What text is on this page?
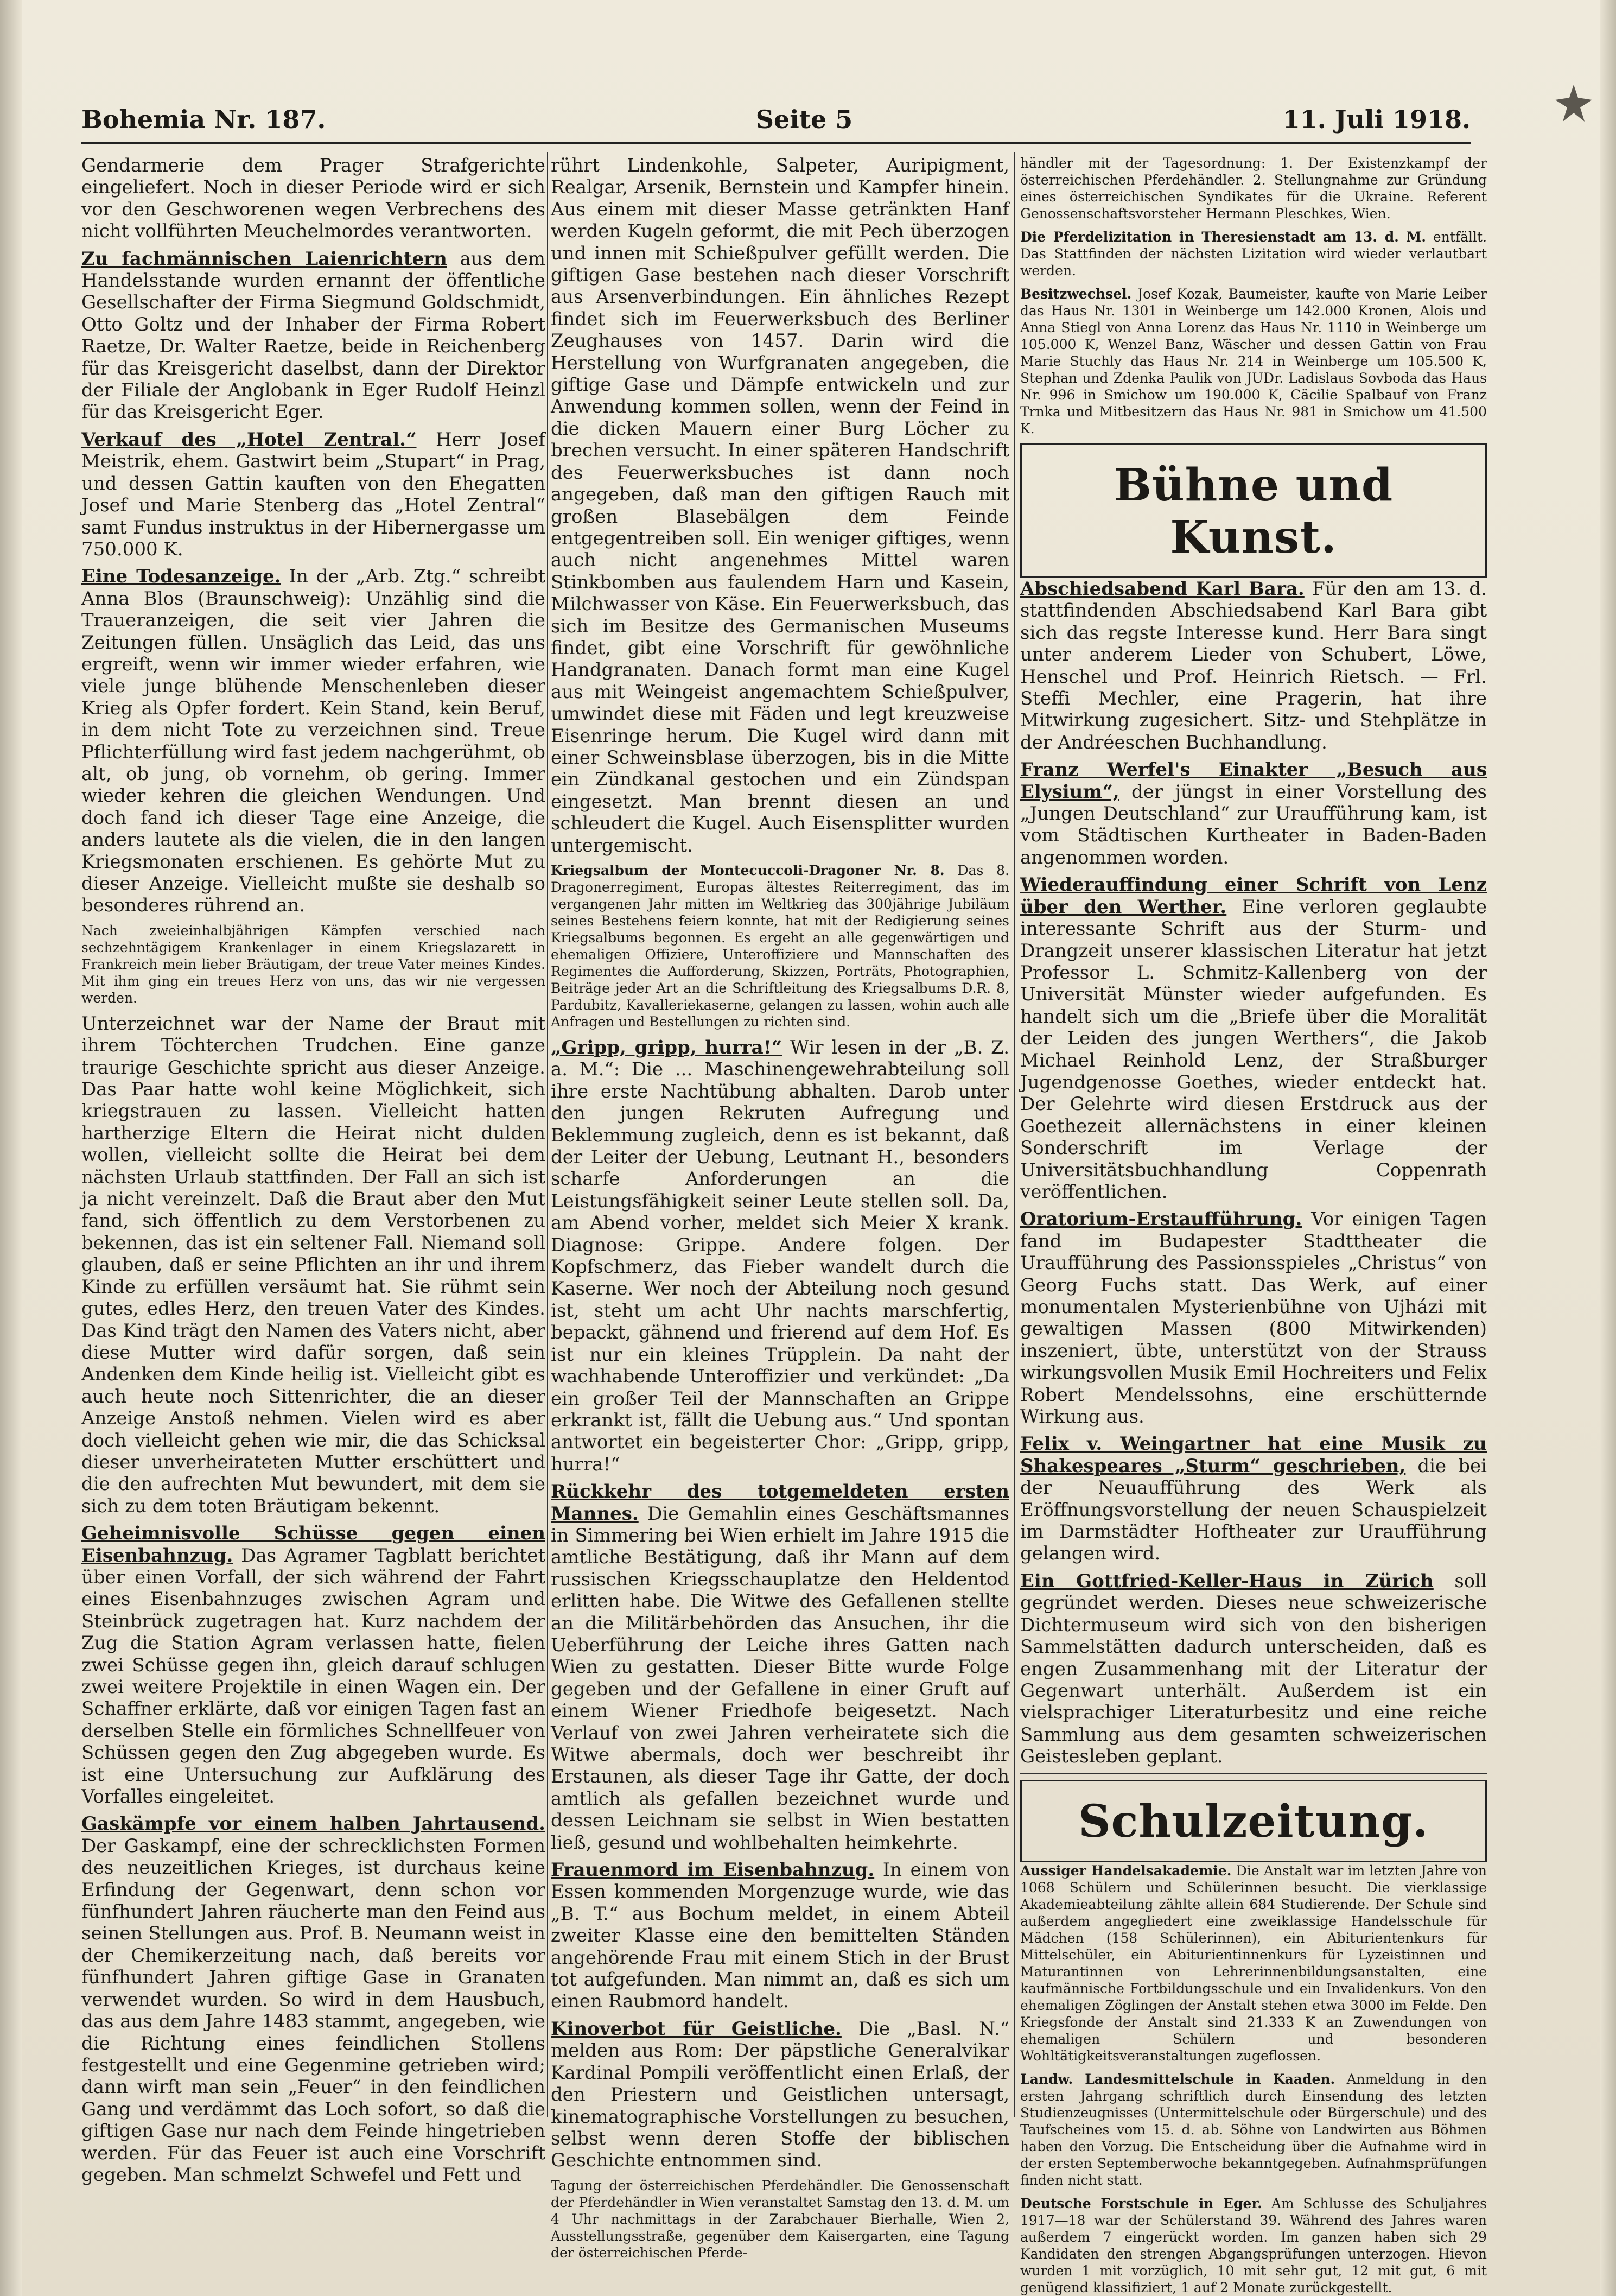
Bohemia Nr. 187.	Seite 5	11. Juli 1918.

Gendarmerie dem Prager Strafgerichte eingeliefert. Noch in dieser Periode wird er sich vor den Geschworenen wegen Verbrechens des nicht vollführten Meuchelmordes verantworten.

Zu fachmännischen Laienrichtern aus dem Handelsstande wurden ernannt der öffentliche Gesellschafter der Firma Siegmund Goldschmidt, Otto Goltz und der Inhaber der Firma Robert Raetze, Dr. Walter Raetze, beide in Reichenberg für das Kreisgericht daselbst, dann der Direktor der Filiale der Anglobank in Eger Rudolf Heinzl für das Kreisgericht Eger.

Verkauf des „Hotel Zentral.“ Herr Josef Meistrik, ehem. Gastwirt beim „Stupart“ in Prag, und dessen Gattin kauften von den Ehegatten Josef und Marie Stenberg das „Hotel Zentral“ samt Fundus instruktus in der Hibernergasse um 750.000 K.

Eine Todesanzeige. In der „Arb. Ztg.“ schreibt Anna Blos (Braunschweig): Unzählig sind die Traueranzeigen, die seit vier Jahren die Zeitungen füllen. Unsäglich das Leid, das uns ergreift, wenn wir immer wieder erfahren, wie viele junge blühende Menschenleben dieser Krieg als Opfer fordert. Kein Stand, kein Beruf, in dem nicht Tote zu verzeichnen sind. Treue Pflichterfüllung wird fast jedem nachgerühmt, ob alt, ob jung, ob vornehm, ob gering. Immer wieder kehren die gleichen Wendungen. Und doch fand ich dieser Tage eine Anzeige, die anders lautete als die vielen, die in den langen Kriegsmonaten erschienen. Es gehörte Mut zu dieser Anzeige. Vielleicht mußte sie deshalb so besonderes rührend an.

Nach zweieinhalbjährigen Kämpfen verschied nach sechzehntägigem Krankenlager in einem Kriegslazarett in Frankreich mein lieber Bräutigam, der treue Vater meines Kindes. Mit ihm ging ein treues Herz von uns, das wir nie vergessen werden.

Unterzeichnet war der Name der Braut mit ihrem Töchterchen Trudchen. Eine ganze traurige Geschichte spricht aus dieser Anzeige. Das Paar hatte wohl keine Möglichkeit, sich kriegstrauen zu lassen. Vielleicht hatten hartherzige Eltern die Heirat nicht dulden wollen, vielleicht sollte die Heirat bei dem nächsten Urlaub stattfinden. Der Fall an sich ist ja nicht vereinzelt. Daß die Braut aber den Mut fand, sich öffentlich zu dem Verstorbenen zu bekennen, das ist ein seltener Fall. Niemand soll glauben, daß er seine Pflichten an ihr und ihrem Kinde zu erfüllen versäumt hat. Sie rühmt sein gutes, edles Herz, den treuen Vater des Kindes. Das Kind trägt den Namen des Vaters nicht, aber diese Mutter wird dafür sorgen, daß sein Andenken dem Kinde heilig ist. Vielleicht gibt es auch heute noch Sittenrichter, die an dieser Anzeige Anstoß nehmen. Vielen wird es aber doch vielleicht gehen wie mir, die das Schicksal dieser unverheirateten Mutter erschüttert und die den aufrechten Mut bewundert, mit dem sie sich zu dem toten Bräutigam bekennt.

Geheimnisvolle Schüsse gegen einen Eisenbahnzug. Das Agramer Tagblatt berichtet über einen Vorfall, der sich während der Fahrt eines Eisenbahnzuges zwischen Agram und Steinbrück zugetragen hat. Kurz nachdem der Zug die Station Agram verlassen hatte, fielen zwei Schüsse gegen ihn, gleich darauf schlugen zwei weitere Projektile in einen Wagen ein. Der Schaffner erklärte, daß vor einigen Tagen fast an derselben Stelle ein förmliches Schnellfeuer von Schüssen gegen den Zug abgegeben wurde. Es ist eine Untersuchung zur Aufklärung des Vorfalles eingeleitet.

Gaskämpfe vor einem halben Jahrtausend. Der Gaskampf, eine der schrecklichsten Formen des neuzeitlichen Krieges, ist durchaus keine Erfindung der Gegenwart, denn schon vor fünfhundert Jahren räucherte man den Feind aus seinen Stellungen aus. Prof. B. Neumann weist in der Chemikerzeitung nach, daß bereits vor fünfhundert Jahren giftige Gase in Granaten verwendet wurden. So wird in dem Hausbuch, das aus dem Jahre 1483 stammt, angegeben, wie die Richtung eines feindlichen Stollens festgestellt und eine Gegenmine getrieben wird; dann wirft man sein „Feuer“ in den feindlichen Gang und verdämmt das Loch sofort, so daß die giftigen Gase nur nach dem Feinde hingetrieben werden. Für das Feuer ist auch eine Vorschrift gegeben. Man schmelzt Schwefel und Fett und

rührt Lindenkohle, Salpeter, Auripigment, Realgar, Arsenik, Bernstein und Kampfer hinein. Aus einem mit dieser Masse getränkten Hanf werden Kugeln geformt, die mit Pech überzogen und innen mit Schießpulver gefüllt werden. Die giftigen Gase bestehen nach dieser Vorschrift aus Arsenverbindungen. Ein ähnliches Rezept findet sich im Feuerwerksbuch des Berliner Zeughauses von 1457. Darin wird die Herstellung von Wurfgranaten angegeben, die giftige Gase und Dämpfe entwickeln und zur Anwendung kommen sollen, wenn der Feind in die dicken Mauern einer Burg Löcher zu brechen versucht. In einer späteren Handschrift des Feuerwerksbuches ist dann noch angegeben, daß man den giftigen Rauch mit großen Blasebälgen dem Feinde entgegentreiben soll. Ein weniger giftiges, wenn auch nicht angenehmes Mittel waren Stinkbomben aus faulendem Harn und Kasein, Milchwasser von Käse. Ein Feuerwerksbuch, das sich im Besitze des Germanischen Museums findet, gibt eine Vorschrift für gewöhnliche Handgranaten. Danach formt man eine Kugel aus mit Weingeist angemachtem Schießpulver, umwindet diese mit Fäden und legt kreuzweise Eisenringe herum. Die Kugel wird dann mit einer Schweinsblase überzogen, bis in die Mitte ein Zündkanal gestochen und ein Zündspan eingesetzt. Man brennt diesen an und schleudert die Kugel. Auch Eisensplitter wurden untergemischt.

Kriegsalbum der Montecuccoli-Dragoner Nr. 8. Das 8. Dragonerregiment, Europas ältestes Reiterregiment, das im vergangenen Jahr mitten im Weltkrieg das 300jährige Jubiläum seines Bestehens feiern konnte, hat mit der Redigierung seines Kriegsalbums begonnen. Es ergeht an alle gegenwärtigen und ehemaligen Offiziere, Unteroffiziere und Mannschaften des Regimentes die Aufforderung, Skizzen, Porträts, Photographien, Beiträge jeder Art an die Schriftleitung des Kriegsalbums D.R. 8, Pardubitz, Kavalleriekaserne, gelangen zu lassen, wohin auch alle Anfragen und Bestellungen zu richten sind.

„Gripp, gripp, hurra!“ Wir lesen in der „B. Z. a. M.“: Die ... Maschinengewehrabteilung soll ihre erste Nachtübung abhalten. Darob unter den jungen Rekruten Aufregung und Beklemmung zugleich, denn es ist bekannt, daß der Leiter der Uebung, Leutnant H., besonders scharfe Anforderungen an die Leistungsfähigkeit seiner Leute stellen soll. Da, am Abend vorher, meldet sich Meier X krank. Diagnose: Grippe. Andere folgen. Der Kopfschmerz, das Fieber wandelt durch die Kaserne. Wer noch der Abteilung noch gesund ist, steht um acht Uhr nachts marschfertig, bepackt, gähnend und frierend auf dem Hof. Es ist nur ein kleines Trüpplein. Da naht der wachhabende Unteroffizier und verkündet: „Da ein großer Teil der Mannschaften an Grippe erkrankt ist, fällt die Uebung aus.“ Und spontan antwortet ein begeisterter Chor: „Gripp, gripp, hurra!“

Rückkehr des totgemeldeten ersten Mannes. Die Gemahlin eines Geschäftsmannes in Simmering bei Wien erhielt im Jahre 1915 die amtliche Bestätigung, daß ihr Mann auf dem russischen Kriegsschauplatze den Heldentod erlitten habe. Die Witwe des Gefallenen stellte an die Militärbehörden das Ansuchen, ihr die Ueberführung der Leiche ihres Gatten nach Wien zu gestatten. Dieser Bitte wurde Folge gegeben und der Gefallene in einer Gruft auf einem Wiener Friedhofe beigesetzt. Nach Verlauf von zwei Jahren verheiratete sich die Witwe abermals, doch wer beschreibt ihr Erstaunen, als dieser Tage ihr Gatte, der doch amtlich als gefallen bezeichnet wurde und dessen Leichnam sie selbst in Wien bestatten ließ, gesund und wohlbehalten heimkehrte.

Frauenmord im Eisenbahnzug. In einem von Essen kommenden Morgenzuge wurde, wie das „B. T.“ aus Bochum meldet, in einem Abteil zweiter Klasse eine den bemittelten Ständen angehörende Frau mit einem Stich in der Brust tot aufgefunden. Man nimmt an, daß es sich um einen Raubmord handelt.

Kinoverbot für Geistliche. Die „Basl. N.“ melden aus Rom: Der päpstliche Generalvikar Kardinal Pompili veröffentlicht einen Erlaß, der den Priestern und Geistlichen untersagt, kinematographische Vorstellungen zu besuchen, selbst wenn deren Stoffe der biblischen Geschichte entnommen sind.

Tagung der österreichischen Pferdehändler. Die Genossenschaft der Pferdehändler in Wien veranstaltet Samstag den 13. d. M. um 4 Uhr nachmittags in der Zarabchauer Bierhalle, Wien 2, Ausstellungsstraße, gegenüber dem Kaisergarten, eine Tagung der österreichischen Pferde-

händler mit der Tagesordnung: 1. Der Existenzkampf der österreichischen Pferdehändler. 2. Stellungnahme zur Gründung eines österreichischen Syndikates für die Ukraine. Referent Genossenschaftsvorsteher Hermann Pleschkes, Wien.

Die Pferdelizitation in Theresienstadt am 13. d. M. entfällt. Das Stattfinden der nächsten Lizitation wird wieder verlautbart werden.

Besitzwechsel. Josef Kozak, Baumeister, kaufte von Marie Leiber das Haus Nr. 1301 in Weinberge um 142.000 Kronen, Alois und Anna Stiegl von Anna Lorenz das Haus Nr. 1110 in Weinberge um 105.000 K, Wenzel Banz, Wäscher und dessen Gattin von Frau Marie Stuchly das Haus Nr. 214 in Weinberge um 105.500 K, Stephan und Zdenka Paulik von JUDr. Ladislaus Sovboda das Haus Nr. 996 in Smichow um 190.000 K, Cäcilie Spalbauf von Franz Trnka und Mitbesitzern das Haus Nr. 981 in Smichow um 41.500 K.

Bühne und Kunst.

Abschiedsabend Karl Bara. Für den am 13. d. stattfindenden Abschiedsabend Karl Bara gibt sich das regste Interesse kund. Herr Bara singt unter anderem Lieder von Schubert, Löwe, Henschel und Prof. Heinrich Rietsch. — Frl. Steffi Mechler, eine Pragerin, hat ihre Mitwirkung zugesichert. Sitz- und Stehplätze in der Andréeschen Buchhandlung.

Franz Werfel's Einakter „Besuch aus Elysium“, der jüngst in einer Vorstellung des „Jungen Deutschland“ zur Uraufführung kam, ist vom Städtischen Kurtheater in Baden-Baden angenommen worden.

Wiederauffindung einer Schrift von Lenz über den Werther. Eine verloren geglaubte interessante Schrift aus der Sturm- und Drangzeit unserer klassischen Literatur hat jetzt Professor L. Schmitz-Kallenberg von der Universität Münster wieder aufgefunden. Es handelt sich um die „Briefe über die Moralität der Leiden des jungen Werthers“, die Jakob Michael Reinhold Lenz, der Straßburger Jugendgenosse Goethes, wieder entdeckt hat. Der Gelehrte wird diesen Erstdruck aus der Goethezeit allernächstens in einer kleinen Sonderschrift im Verlage der Universitätsbuchhandlung Coppenrath veröffentlichen.

Oratorium-Erstaufführung. Vor einigen Tagen fand im Budapester Stadttheater die Uraufführung des Passionsspieles „Christus“ von Georg Fuchs statt. Das Werk, auf einer monumentalen Mysterienbühne von Ujházi mit gewaltigen Massen (800 Mitwirkenden) inszeniert, übte, unterstützt von der Strauss wirkungsvollen Musik Emil Hochreiters und Felix Robert Mendelssohns, eine erschütternde Wirkung aus.

Felix v. Weingartner hat eine Musik zu Shakespeares „Sturm“ geschrieben, die bei der Neuaufführung des Werk als Eröffnungsvorstellung der neuen Schauspielzeit im Darmstädter Hoftheater zur Uraufführung gelangen wird.

Ein Gottfried-Keller-Haus in Zürich soll gegründet werden. Dieses neue schweizerische Dichtermuseum wird sich von den bisherigen Sammelstätten dadurch unterscheiden, daß es engen Zusammenhang mit der Literatur der Gegenwart unterhält. Außerdem ist ein vielsprachiger Literaturbesitz und eine reiche Sammlung aus dem gesamten schweizerischen Geistesleben geplant.

Schulzeitung.

Aussiger Handelsakademie. Die Anstalt war im letzten Jahre von 1068 Schülern und Schülerinnen besucht. Die vierklassige Akademieabteilung zählte allein 684 Studierende. Der Schule sind außerdem angegliedert eine zweiklassige Handelsschule für Mädchen (158 Schülerinnen), ein Abiturientenkurs für Mittelschüler, ein Abiturientinnenkurs für Lyzeistinnen und Maturantinnen von Lehrerinnenbildungsanstalten, eine kaufmännische Fortbildungsschule und ein Invalidenkurs. Von den ehemaligen Zöglingen der Anstalt stehen etwa 3000 im Felde. Den Kriegsfonde der Anstalt sind 21.333 K an Zuwendungen von ehemaligen Schülern und besonderen Wohltätigkeitsveranstaltungen zugeflossen.

Landw. Landesmittelschule in Kaaden. Anmeldung in den ersten Jahrgang schriftlich durch Einsendung des letzten Studienzeugnisses (Untermittelschule oder Bürgerschule) und des Taufscheines vom 15. d. ab. Söhne von Landwirten aus Böhmen haben den Vorzug. Die Entscheidung über die Aufnahme wird in der ersten Septemberwoche bekanntgegeben. Aufnahmsprüfungen finden nicht statt.

Deutsche Forstschule in Eger. Am Schlusse des Schuljahres 1917—18 war der Schülerstand 39. Während des Jahres waren außerdem 7 eingerückt worden. Im ganzen haben sich 29 Kandidaten den strengen Abgangsprüfungen unterzogen. Hievon wurden 1 mit vorzüglich, 10 mit sehr gut, 12 mit gut, 6 mit genügend klassifiziert, 1 auf 2 Monate zurückgestellt.
